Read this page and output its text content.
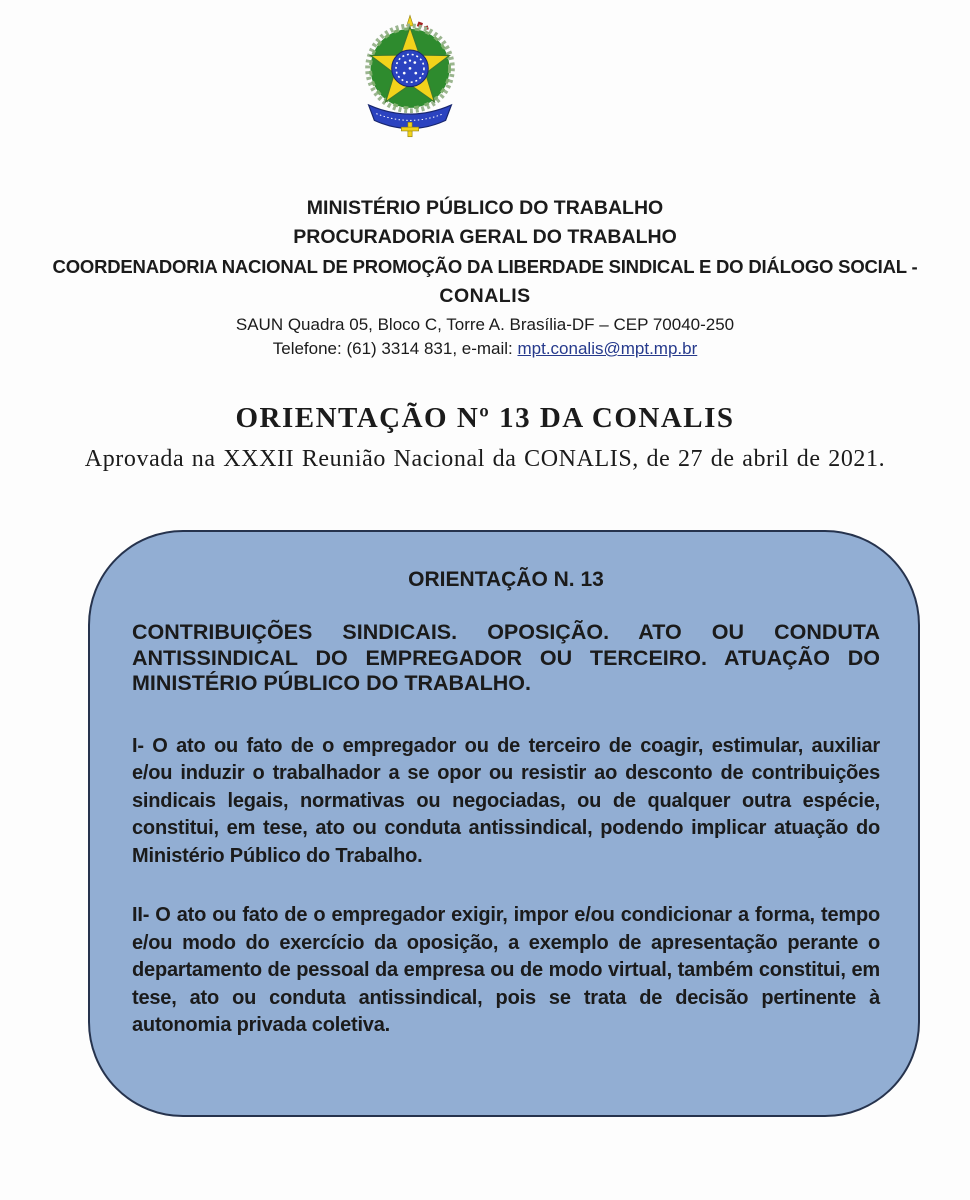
MINISTÉRIO PÚBLICO DO TRABALHO
PROCURADORIA GERAL DO TRABALHO
COORDENADORIA NACIONAL DE PROMOÇÃO DA LIBERDADE SINDICAL E DO DIÁLOGO SOCIAL -
CONALIS
SAUN Quadra 05, Bloco C, Torre A. Brasília-DF – CEP 70040-250
Telefone: (61) 3314 831, e-mail: mpt.conalis@mpt.mp.br
ORIENTAÇÃO Nº 13 DA CONALIS
Aprovada na XXXII Reunião Nacional da CONALIS, de 27 de abril de 2021.
ORIENTAÇÃO N. 13
CONTRIBUIÇÕES SINDICAIS. OPOSIÇÃO. ATO OU CONDUTA ANTISSINDICAL DO EMPREGADOR OU TERCEIRO. ATUAÇÃO DO MINISTÉRIO PÚBLICO DO TRABALHO.

I- O ato ou fato de o empregador ou de terceiro de coagir, estimular, auxiliar e/ou induzir o trabalhador a se opor ou resistir ao desconto de contribuições sindicais legais, normativas ou negociadas, ou de qualquer outra espécie, constitui, em tese, ato ou conduta antissindical, podendo implicar atuação do Ministério Público do Trabalho.

II- O ato ou fato de o empregador exigir, impor e/ou condicionar a forma, tempo e/ou modo do exercício da oposição, a exemplo de apresentação perante o departamento de pessoal da empresa ou de modo virtual, também constitui, em tese, ato ou conduta antissindical, pois se trata de decisão pertinente à autonomia privada coletiva.
